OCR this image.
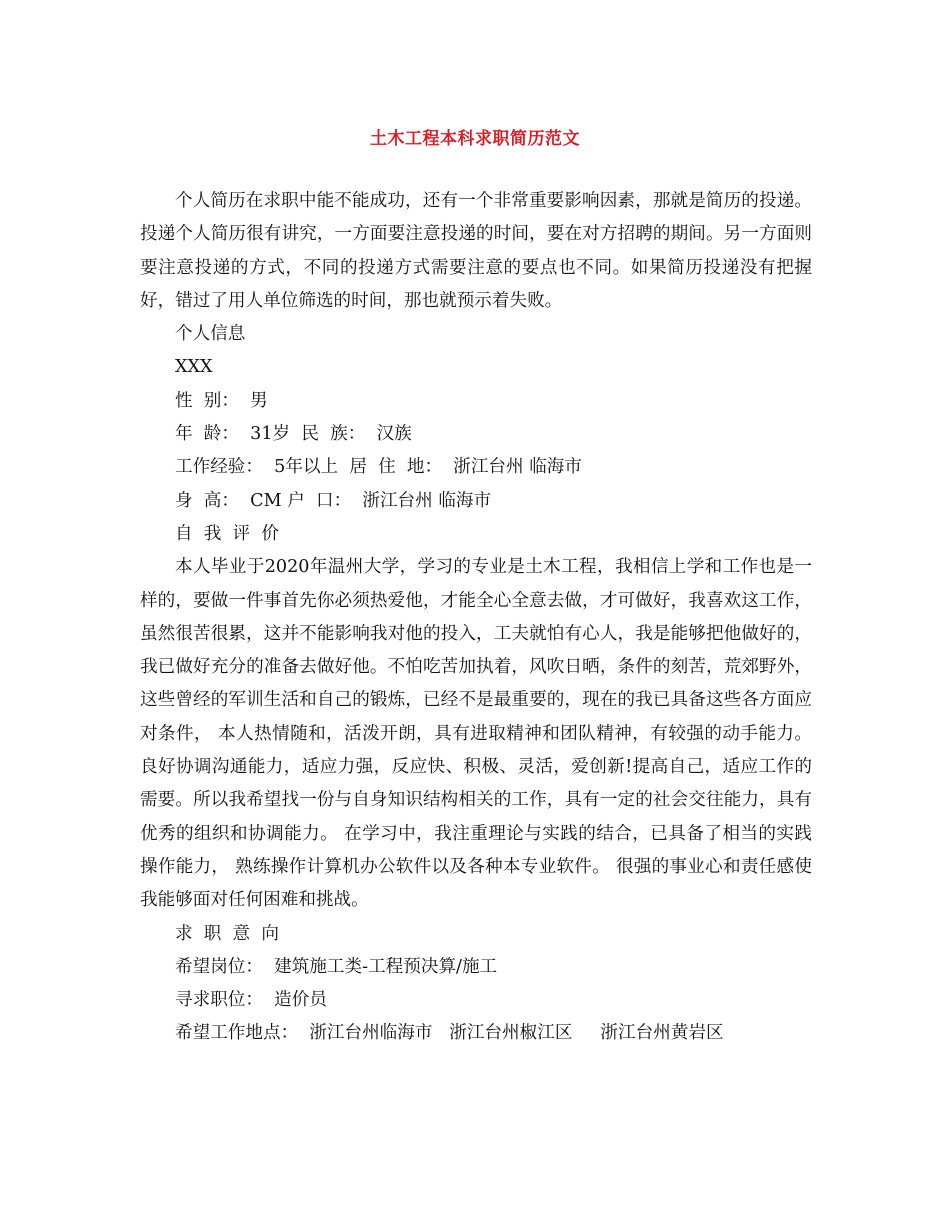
土木工程本科求职简历范文

个人简历在求职中能不能成功，还有一个非常重要影响因素，那就是简历的投递。投递个人简历很有讲究，一方面要注意投递的时间，要在对方招聘的期间。另一方面则要注意投递的方式，不同的投递方式需要注意的要点也不同。如果简历投递没有把握好，错过了用人单位筛选的时间，那也就预示着失败。

个人信息

XXX

性  别：  男

年  龄：  31岁  民  族：  汉族

工作经验：  5年以上  居  住  地：  浙江台州 临海市

身  高：  CM 户  口：  浙江台州 临海市

自  我  评  价

本人毕业于2020年温州大学，学习的专业是土木工程，我相信上学和工作也是一样的，要做一件事首先你必须热爱他，才能全心全意去做，才可做好，我喜欢这工作，虽然很苦很累，这并不能影响我对他的投入，工夫就怕有心人，我是能够把他做好的，我已做好充分的准备去做好他。不怕吃苦加执着，风吹日晒，条件的刻苦，荒郊野外，这些曾经的军训生活和自己的锻炼，已经不是最重要的，现在的我已具备这些各方面应对条件， 本人热情随和，活泼开朗，具有进取精神和团队精神，有较强的动手能力。良好协调沟通能力，适应力强，反应快、积极、灵活，爱创新!提高自己，适应工作的需要。所以我希望找一份与自身知识结构相关的工作，具有一定的社会交往能力，具有优秀的组织和协调能力。 在学习中，我注重理论与实践的结合，已具备了相当的实践操作能力， 熟练操作计算机办公软件以及各种本专业软件。 很强的事业心和责任感使我能够面对任何困难和挑战。

求  职  意  向

希望岗位：  建筑施工类-工程预决算/施工

寻求职位：  造价员

希望工作地点：  浙江台州临海市   浙江台州椒江区     浙江台州黄岩区
